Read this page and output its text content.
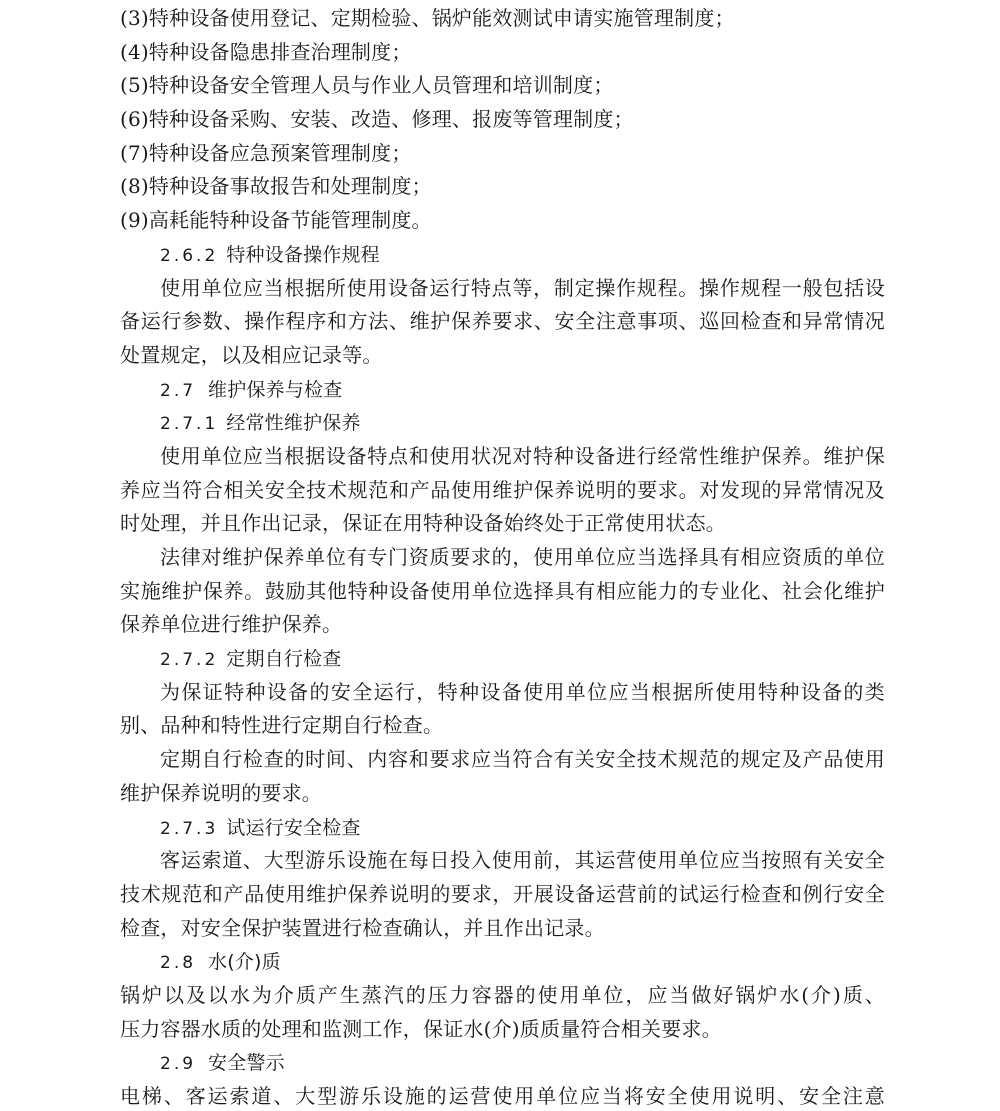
(3)特种设备使用登记、定期检验、锅炉能效测试申请实施管理制度；
(4)特种设备隐患排查治理制度；
(5)特种设备安全管理人员与作业人员管理和培训制度；
(6)特种设备采购、安装、改造、修理、报废等管理制度；
(7)特种设备应急预案管理制度；
(8)特种设备事故报告和处理制度；
(9)高耗能特种设备节能管理制度。
2.6.2 特种设备操作规程
使用单位应当根据所使用设备运行特点等，制定操作规程。操作规程一般包括设
备运行参数、操作程序和方法、维护保养要求、安全注意事项、巡回检查和异常情况
处置规定，以及相应记录等。
2.7 维护保养与检查
2.7.1 经常性维护保养
使用单位应当根据设备特点和使用状况对特种设备进行经常性维护保养。维护保
养应当符合相关安全技术规范和产品使用维护保养说明的要求。对发现的异常情况及
时处理，并且作出记录，保证在用特种设备始终处于正常使用状态。
法律对维护保养单位有专门资质要求的，使用单位应当选择具有相应资质的单位
实施维护保养。鼓励其他特种设备使用单位选择具有相应能力的专业化、社会化维护
保养单位进行维护保养。
2.7.2 定期自行检查
为保证特种设备的安全运行，特种设备使用单位应当根据所使用特种设备的类
别、品种和特性进行定期自行检查。
定期自行检查的时间、内容和要求应当符合有关安全技术规范的规定及产品使用
维护保养说明的要求。
2.7.3 试运行安全检查
客运索道、大型游乐设施在每日投入使用前，其运营使用单位应当按照有关安全
技术规范和产品使用维护保养说明的要求，开展设备运营前的试运行检查和例行安全
检查，对安全保护装置进行检查确认，并且作出记录。
2.8 水(介)质
锅炉以及以水为介质产生蒸汽的压力容器的使用单位，应当做好锅炉水(介)质、
压力容器水质的处理和监测工作，保证水(介)质质量符合相关要求。
2.9 安全警示
电梯、客运索道、大型游乐设施的运营使用单位应当将安全使用说明、安全注意
